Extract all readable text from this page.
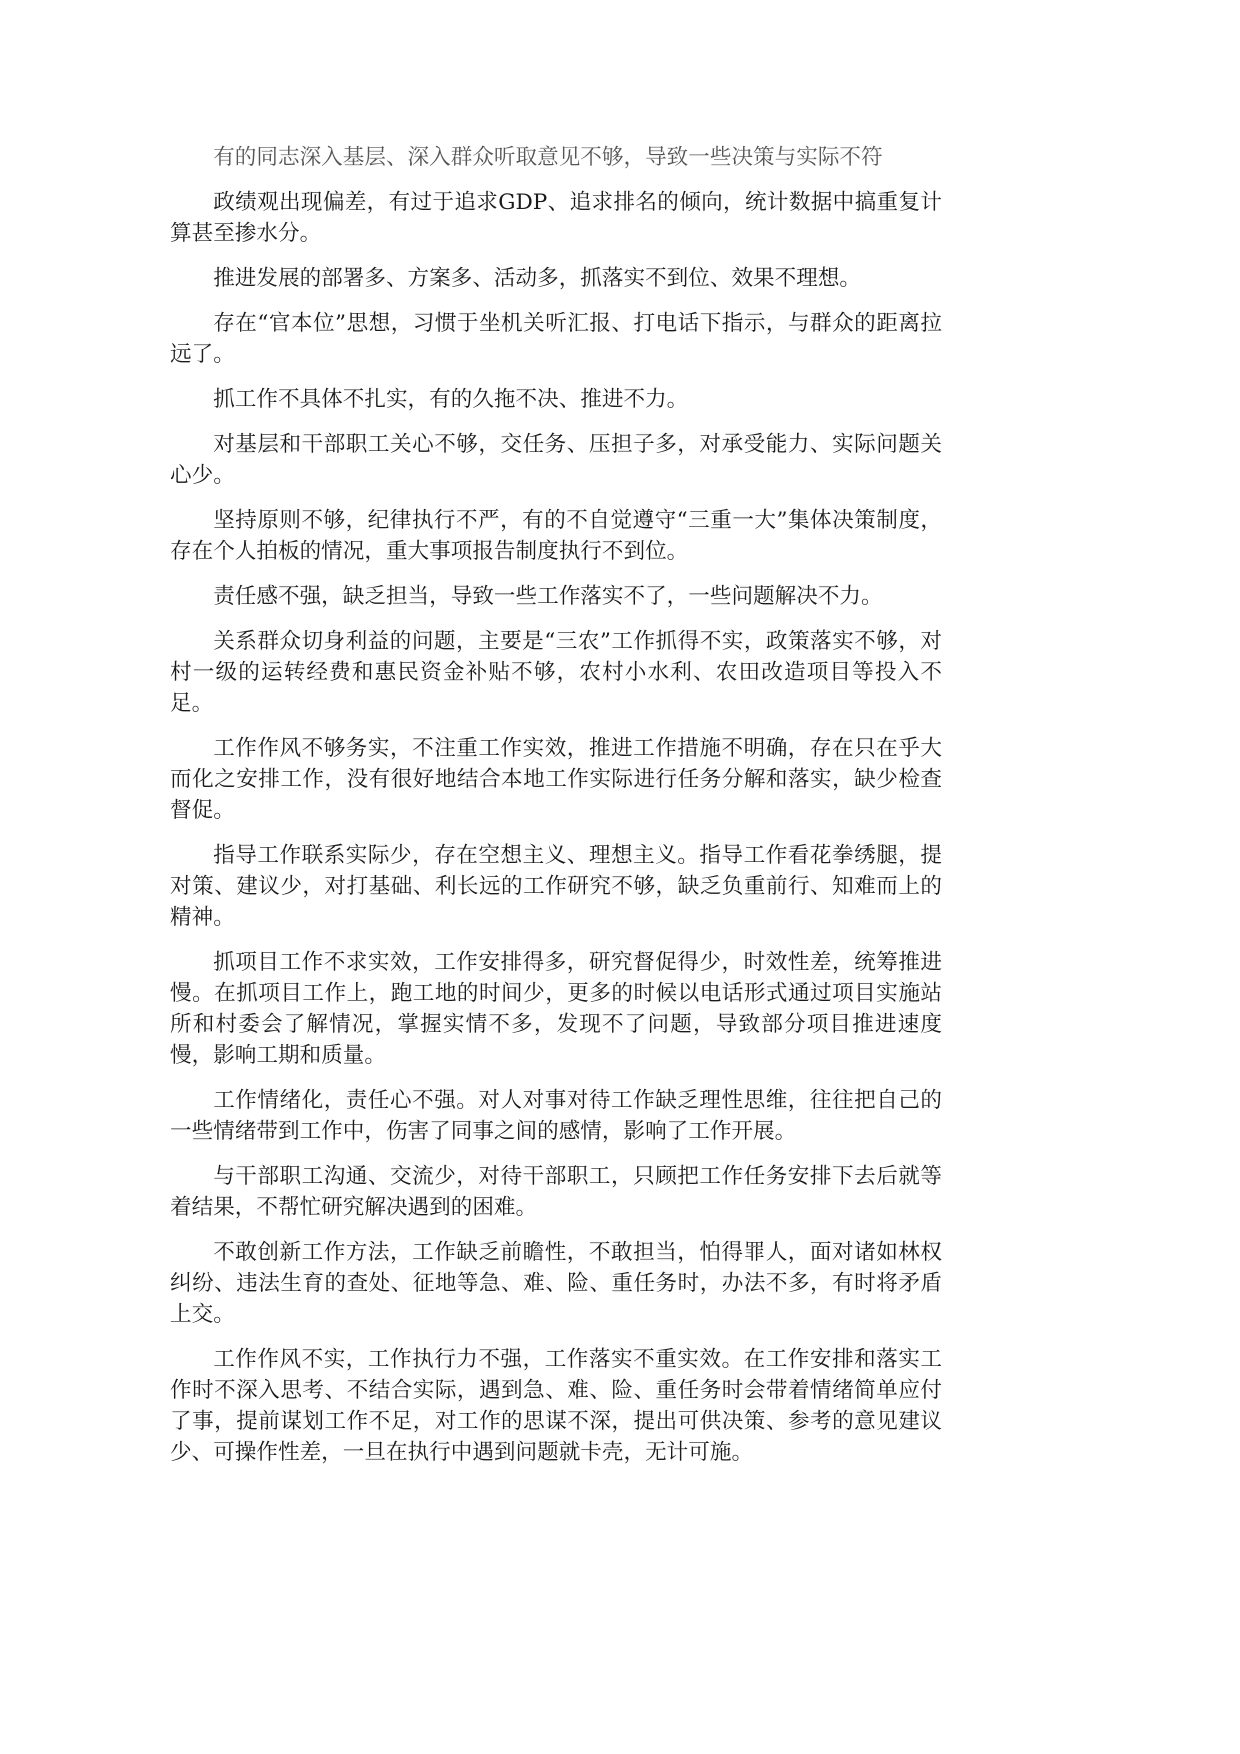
有的同志深入基层、深入群众听取意见不够，导致一些决策与实际不符

政绩观出现偏差，有过于追求GDP、追求排名的倾向，统计数据中搞重复计算甚至掺水分。

推进发展的部署多、方案多、活动多，抓落实不到位、效果不理想。

存在“官本位”思想，习惯于坐机关听汇报、打电话下指示，与群众的距离拉远了。

抓工作不具体不扎实，有的久拖不决、推进不力。

对基层和干部职工关心不够，交任务、压担子多，对承受能力、实际问题关心少。

坚持原则不够，纪律执行不严，有的不自觉遵守“三重一大”集体决策制度，存在个人拍板的情况，重大事项报告制度执行不到位。

责任感不强，缺乏担当，导致一些工作落实不了，一些问题解决不力。

关系群众切身利益的问题，主要是“三农”工作抓得不实，政策落实不够，对村一级的运转经费和惠民资金补贴不够，农村小水利、农田改造项目等投入不足。

工作作风不够务实，不注重工作实效，推进工作措施不明确，存在只在乎大而化之安排工作，没有很好地结合本地工作实际进行任务分解和落实，缺少检查督促。

指导工作联系实际少，存在空想主义、理想主义。指导工作看花拳绣腿，提对策、建议少，对打基础、利长远的工作研究不够，缺乏负重前行、知难而上的精神。

抓项目工作不求实效，工作安排得多，研究督促得少，时效性差，统筹推进慢。在抓项目工作上，跑工地的时间少，更多的时候以电话形式通过项目实施站所和村委会了解情况，掌握实情不多，发现不了问题，导致部分项目推进速度慢，影响工期和质量。

工作情绪化，责任心不强。对人对事对待工作缺乏理性思维，往往把自己的一些情绪带到工作中，伤害了同事之间的感情，影响了工作开展。

与干部职工沟通、交流少，对待干部职工，只顾把工作任务安排下去后就等着结果，不帮忙研究解决遇到的困难。

不敢创新工作方法，工作缺乏前瞻性，不敢担当，怕得罪人，面对诸如林权纠纷、违法生育的查处、征地等急、难、险、重任务时，办法不多，有时将矛盾上交。

工作作风不实，工作执行力不强，工作落实不重实效。在工作安排和落实工作时不深入思考、不结合实际，遇到急、难、险、重任务时会带着情绪简单应付了事，提前谋划工作不足，对工作的思谋不深，提出可供决策、参考的意见建议少、可操作性差，一旦在执行中遇到问题就卡壳，无计可施。
